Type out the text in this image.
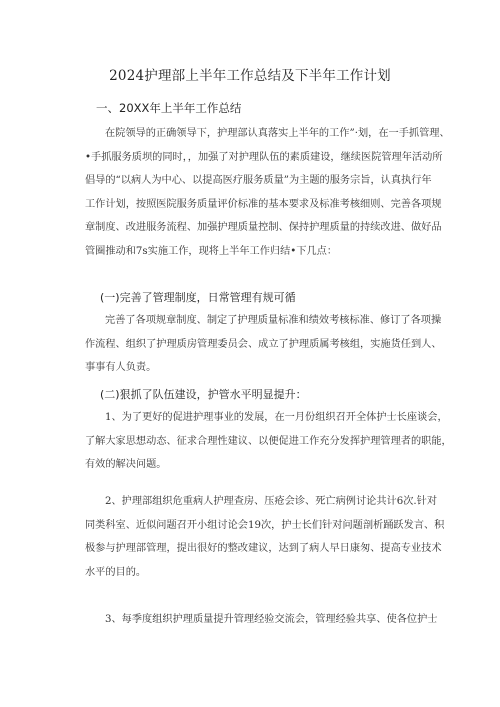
2024护理部上半年工作总结及下半年工作计划
一、20XX年上半年工作总结
在院领导的正确领导下，护理部认真落实上半年的工作”·划，在一手抓管理、
•手抓服务质坝的同时，，加强了对护理队伍的素质建设，继续医院管理年活动所
倡导的“以病人为中心、以提高医疗服务质量”为主题的服务宗旨，认真执行年
工作计划，按照医院服务质量评价标准的基本要求及标准考核细则、完善各项规
章制度、改进服务流程、加强护理质量控制、保持护理质量的持续改进、做好品
管圈推动和7s实施工作，现将上半年工作归结•下几点：
(一)完善了管理制度，日常管理有规可循
完善了各项规章制度、制定了护理质量标准和绩效考核标准、修订了各项操
作流程、组织了护理质房管理委员会、成立了护理质属考核组，实施货任到人、
事事有人负责。
(二)狠抓了队伍建设，护管水平明显提升：
1、为了更好的促进护理事业的发展，在一月份组织召开全体护士长座谈会，
了解大家思想动态、征求合理性建议、以便促进工作充分发挥护理管理者的职能，
有效的解决问题。
2、护理部组织危重病人护理查房、压疮会诊、死亡病例讨论共计6次.针对
同类科室、近似问题召开小组讨论会19次，护士长们针对问题剖析踊跃发言、积
极参与护理部管理，提出很好的整改建议，达到了病人早日康匆、提高专业技术
水平的目的。
3、每季度组织护理质量提升管理经验交流会，管理经验共享、使各位护士
